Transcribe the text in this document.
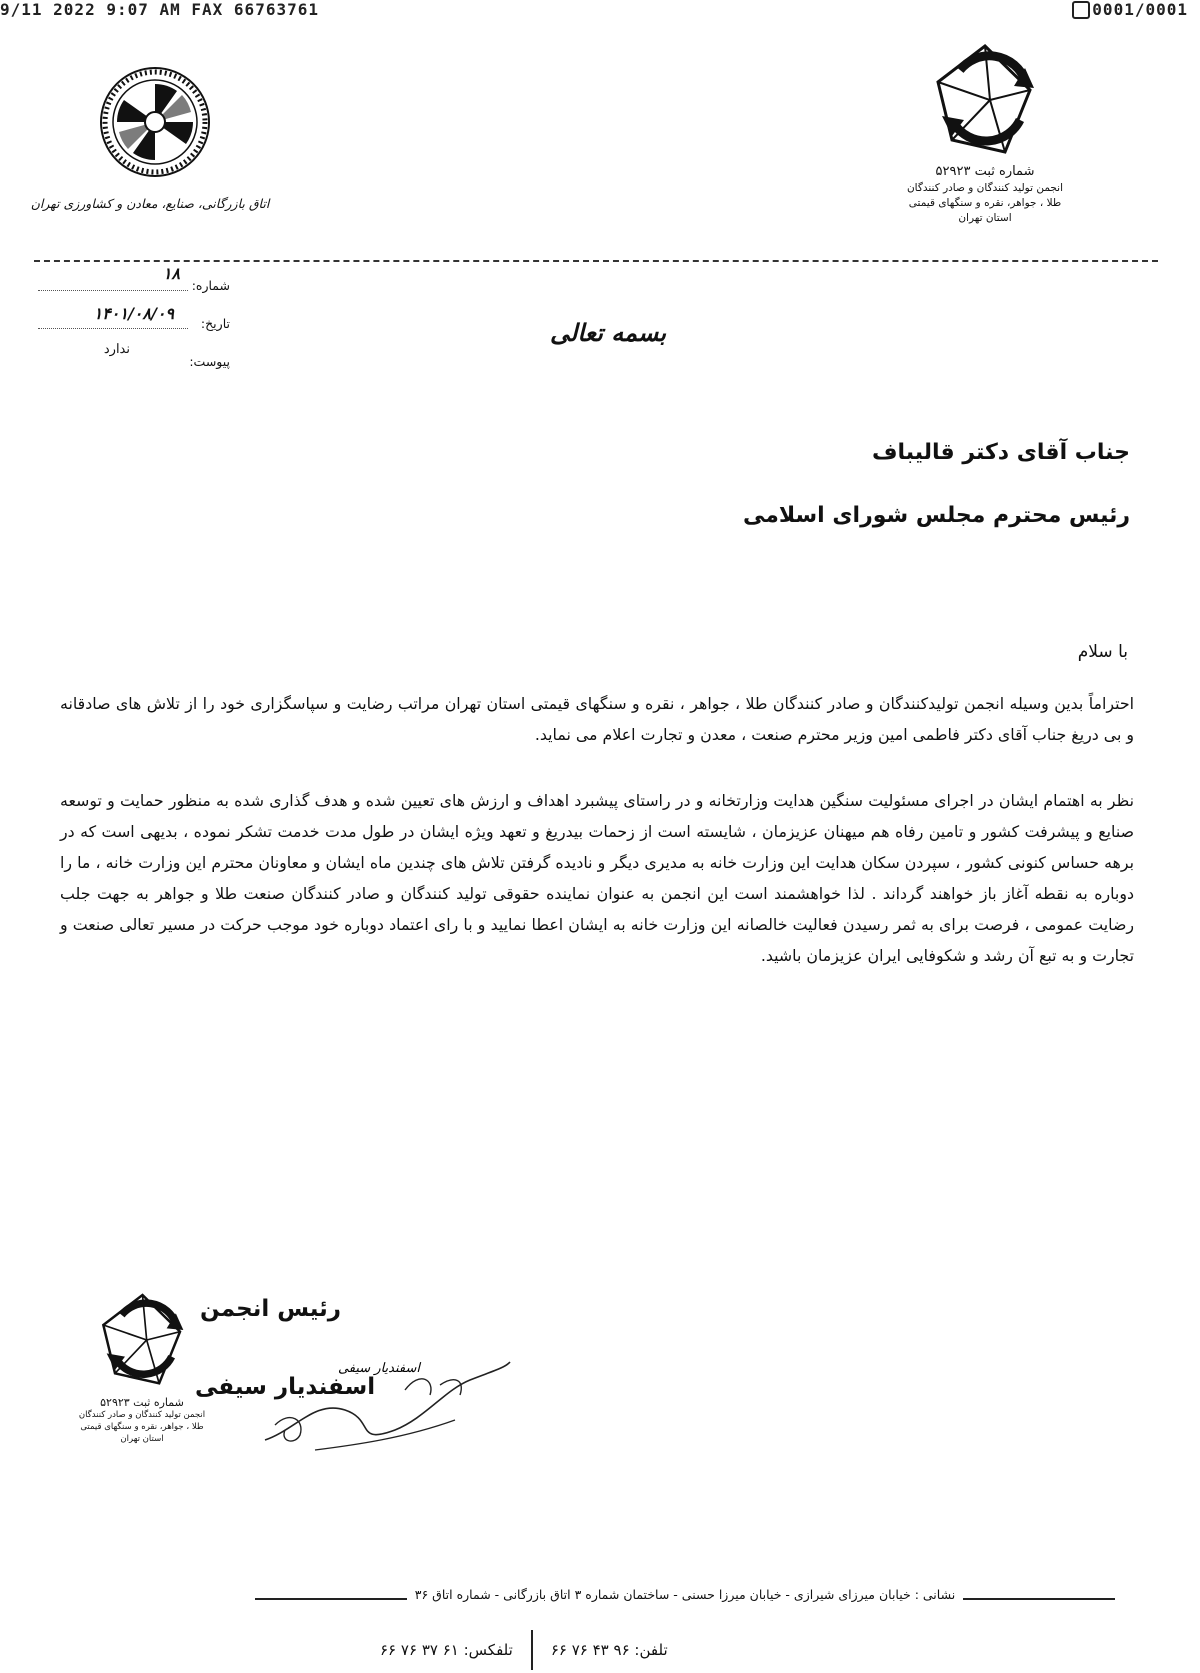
9/11 2022 9:07 AM FAX 66763761	0001/0001
شماره ثبت ۵۲۹۲۳
انجمن تولید کنندگان و صادر کنندگان
طلا ، جواهر، نقره و سنگهای قیمتی
استان تهران
اتاق بازرگانی، صنایع، معادن و کشاورزی تهران
شماره:
۱۸
تاریخ:
۱۴۰۱/۰۸/۰۹
پیوست:
ندارد
بسمه تعالی
جناب آقای دکتر قالیباف
رئیس محترم مجلس شورای اسلامی
با سلام
احتراماً بدین وسیله انجمن تولیدکنندگان و صادر کنندگان طلا ، جواهر ، نقره و سنگهای قیمتی استان تهران مراتب رضایت و سپاسگزاری خود را از تلاش های صادقانه و بی دریغ جناب آقای دکتر فاطمی امین وزیر محترم صنعت ، معدن و تجارت اعلام می نماید.
نظر به اهتمام ایشان در اجرای مسئولیت سنگین هدایت وزارتخانه و در راستای پیشبرد اهداف و ارزش های تعیین شده و هدف گذاری شده به منظور حمایت و توسعه صنایع و پیشرفت کشور و تامین رفاه هم میهنان عزیزمان ، شایسته است از زحمات بیدریغ و تعهد ویژه ایشان در طول مدت خدمت تشکر نموده ، بدیهی است که در برهه حساس کنونی کشور ، سپردن سکان هدایت این وزارت خانه به مدیری دیگر و نادیده گرفتن تلاش های چندین ماه ایشان و معاونان محترم این وزارت خانه ، ما را دوباره به نقطه آغاز باز خواهند گرداند . لذا خواهشمند است این انجمن به عنوان نماینده حقوقی تولید کنندگان و صادر کنندگان صنعت طلا و جواهر به جهت جلب رضایت عمومی ، فرصت برای به ثمر رسیدن فعالیت خالصانه این وزارت خانه به ایشان اعطا نمایید و با رای اعتماد دوباره خود موجب حرکت در مسیر تعالی صنعت و تجارت و به تبع آن رشد و شکوفایی ایران عزیزمان باشید.
رئیس انجمن
اسفندیار سیفی
شماره ثبت ۵۲۹۲۳
انجمن تولید کنندگان و صادر کنندگان
طلا ، جواهر، نقره و سنگهای قیمتی
استان تهران
اسفندیار سیفی
نشانی : خیابان میرزای شیرازی - خیابان میرزا حسنی - ساختمان شماره ۳ اتاق بازرگانی - شماره اتاق ۳۶
تلفن: ۹۶ ۴۳ ۷۶ ۶۶
تلفکس: ۶۱ ۳۷ ۷۶ ۶۶
